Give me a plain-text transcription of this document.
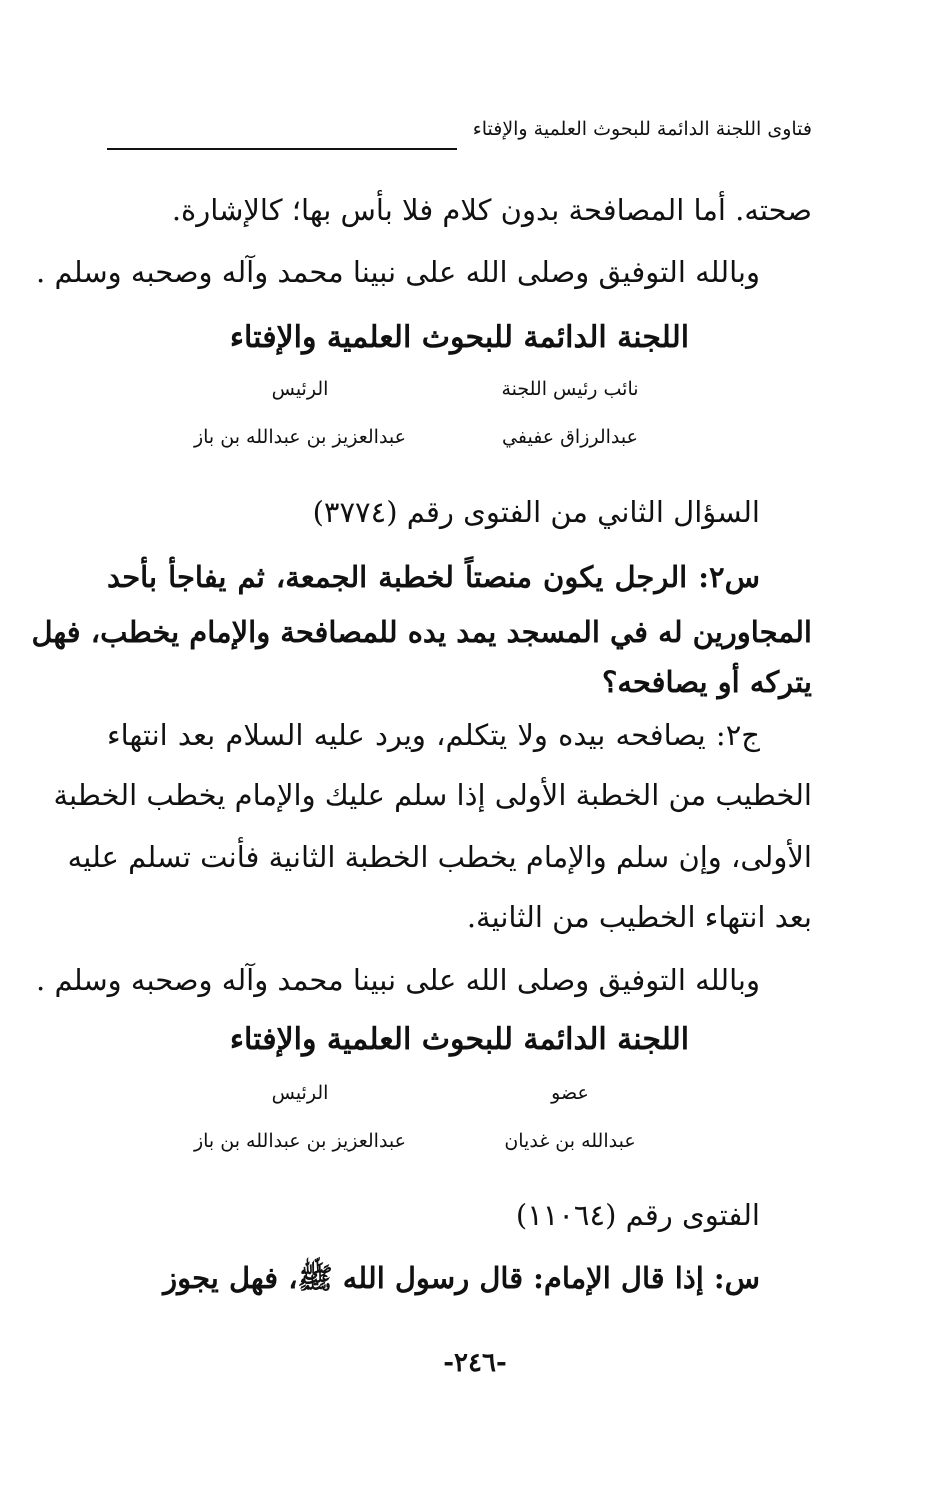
فتاوى اللجنة الدائمة للبحوث العلمية والإفتاء
صحته. أما المصافحة بدون كلام فلا بأس بها؛ كالإشارة.
وبالله التوفيق وصلى الله على نبينا محمد وآله وصحبه وسلم .
اللجنة الدائمة للبحوث العلمية والإفتاء
نائب رئيس اللجنة
عبدالرزاق عفيفي
الرئيس
عبدالعزيز بن عبدالله بن باز
السؤال الثاني من الفتوى رقم (٣٧٧٤)
س٢: الرجل يكون منصتاً لخطبة الجمعة، ثم يفاجأ بأحد
المجاورين له في المسجد يمد يده للمصافحة والإمام يخطب، فهل
يتركه أو يصافحه؟
ج٢: يصافحه بيده ولا يتكلم، ويرد عليه السلام بعد انتهاء
الخطيب من الخطبة الأولى إذا سلم عليك والإمام يخطب الخطبة
الأولى، وإن سلم والإمام يخطب الخطبة الثانية فأنت تسلم عليه
بعد انتهاء الخطيب من الثانية.
وبالله التوفيق وصلى الله على نبينا محمد وآله وصحبه وسلم .
اللجنة الدائمة للبحوث العلمية والإفتاء
عضو
عبدالله بن غديان
الرئيس
عبدالعزيز بن عبدالله بن باز
الفتوى رقم (١١٠٦٤)
س: إذا قال الإمام: قال رسول الله ﷺ، فهل يجوز
-٢٤٦-
